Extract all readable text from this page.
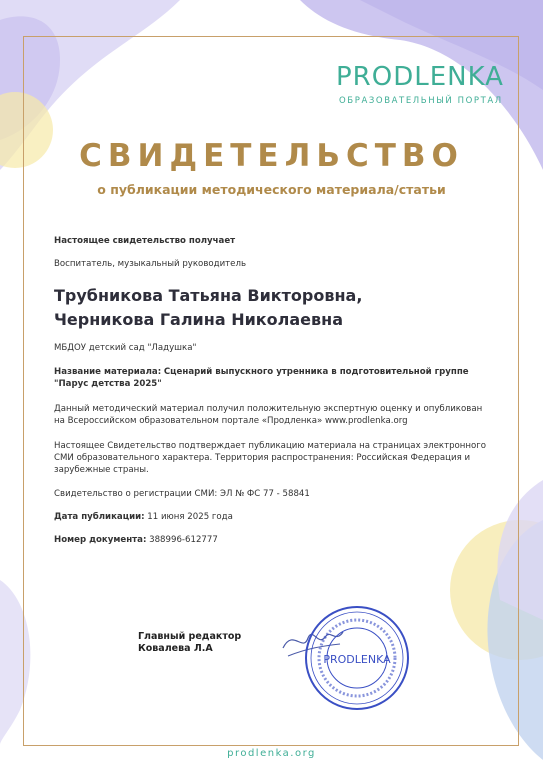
PRODLENKA
ОБРАЗОВАТЕЛЬНЫЙ ПОРТАЛ
СВИДЕТЕЛЬСТВО
о публикации методического материала/статьи
Настоящее свидетельство получает
Воспитатель, музыкальный руководитель
Трубникова Татьяна Викторовна,
Черникова Галина Николаевна
МБДОУ детский сад "Ладушка"
Название материала: Сценарий выпускного утренника в подготовительной группе
"Парус детства 2025"
Данный методический материал получил положительную экспертную оценку и опубликован
на Всероссийском образовательном портале «Продленка» www.prodlenka.org
Настоящее Свидетельство подтверждает публикацию материала на страницах электронного
СМИ образовательного характера. Территория распространения: Российская Федерация и
зарубежные страны.
Свидетельство о регистрации СМИ: ЭЛ № ФС 77 - 58841
Дата публикации: 11 июня 2025 года
Номер документа: 388996-612777
Главный редактор
Ковалева Л.А
PRODLENKA
prodlenka.org
